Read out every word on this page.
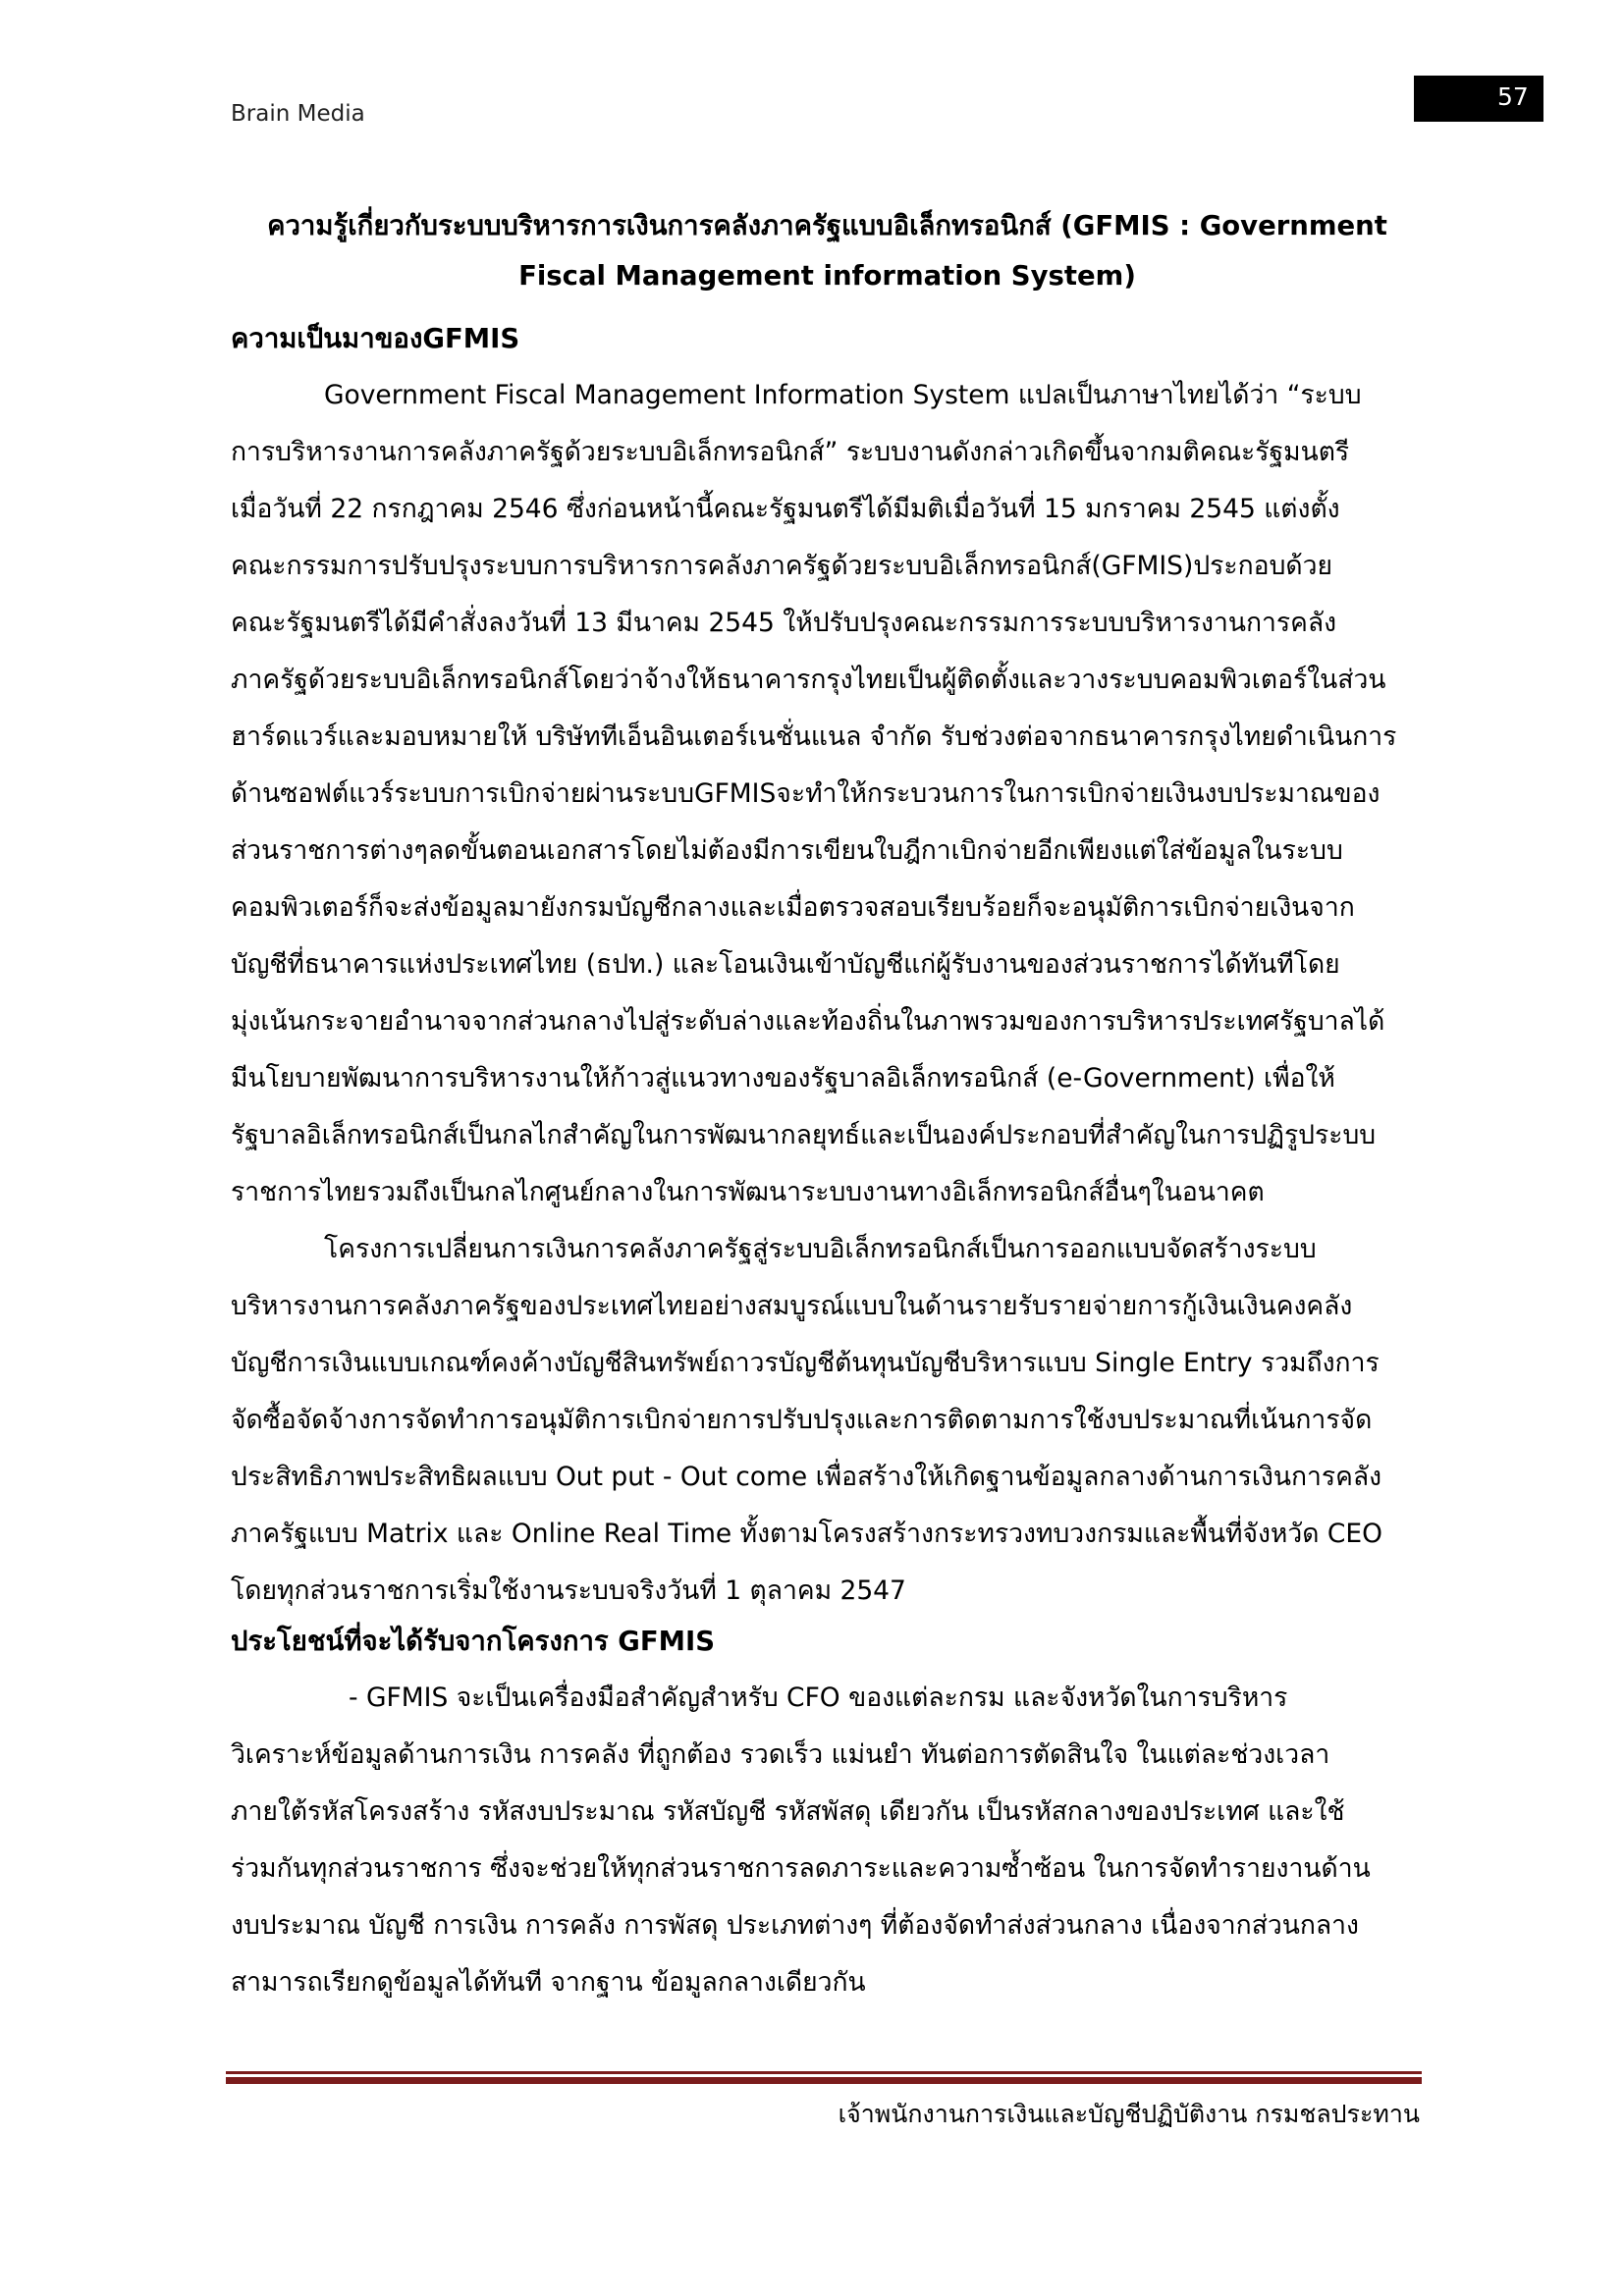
Brain Media
57
ความรู้เกี่ยวกับระบบบริหารการเงินการคลังภาครัฐแบบอิเล็กทรอนิกส์ (GFMIS : Government
Fiscal Management information System)
ความเป็นมาของGFMIS
Government Fiscal Management Information System แปลเป็นภาษาไทยได้ว่า “ระบบ
การบริหารงานการคลังภาครัฐด้วยระบบอิเล็กทรอนิกส์” ระบบงานดังกล่าวเกิดขึ้นจากมติคณะรัฐมนตรี
เมื่อวันที่ 22 กรกฎาคม 2546 ซึ่งก่อนหน้านี้คณะรัฐมนตรีได้มีมติเมื่อวันที่ 15 มกราคม 2545 แต่งตั้ง
คณะกรรมการปรับปรุงระบบการบริหารการคลังภาครัฐด้วยระบบอิเล็กทรอนิกส์(GFMIS)ประกอบด้วย
คณะรัฐมนตรีได้มีคำสั่งลงวันที่ 13 มีนาคม 2545 ให้ปรับปรุงคณะกรรมการระบบบริหารงานการคลัง
ภาครัฐด้วยระบบอิเล็กทรอนิกส์โดยว่าจ้างให้ธนาคารกรุงไทยเป็นผู้ติดตั้งและวางระบบคอมพิวเตอร์ในส่วน
ฮาร์ดแวร์และมอบหมายให้ บริษัททีเอ็นอินเตอร์เนชั่นแนล จำกัด รับช่วงต่อจากธนาคารกรุงไทยดำเนินการ
ด้านซอฟต์แวร์ระบบการเบิกจ่ายผ่านระบบGFMISจะทำให้กระบวนการในการเบิกจ่ายเงินงบประมาณของ
ส่วนราชการต่างๆลดขั้นตอนเอกสารโดยไม่ต้องมีการเขียนใบฎีกาเบิกจ่ายอีกเพียงแต่ใส่ข้อมูลในระบบ
คอมพิวเตอร์ก็จะส่งข้อมูลมายังกรมบัญชีกลางและเมื่อตรวจสอบเรียบร้อยก็จะอนุมัติการเบิกจ่ายเงินจาก
บัญชีที่ธนาคารแห่งประเทศไทย (ธปท.) และโอนเงินเข้าบัญชีแก่ผู้รับงานของส่วนราชการได้ทันทีโดย
มุ่งเน้นกระจายอำนาจจากส่วนกลางไปสู่ระดับล่างและท้องถิ่นในภาพรวมของการบริหารประเทศรัฐบาลได้
มีนโยบายพัฒนาการบริหารงานให้ก้าวสู่แนวทางของรัฐบาลอิเล็กทรอนิกส์ (e-Government) เพื่อให้
รัฐบาลอิเล็กทรอนิกส์เป็นกลไกสำคัญในการพัฒนากลยุทธ์และเป็นองค์ประกอบที่สำคัญในการปฏิรูประบบ
ราชการไทยรวมถึงเป็นกลไกศูนย์กลางในการพัฒนาระบบงานทางอิเล็กทรอนิกส์อื่นๆในอนาคต
โครงการเปลี่ยนการเงินการคลังภาครัฐสู่ระบบอิเล็กทรอนิกส์เป็นการออกแบบจัดสร้างระบบ
บริหารงานการคลังภาครัฐของประเทศไทยอย่างสมบูรณ์แบบในด้านรายรับรายจ่ายการกู้เงินเงินคงคลัง
บัญชีการเงินแบบเกณฑ์คงค้างบัญชีสินทรัพย์ถาวรบัญชีต้นทุนบัญชีบริหารแบบ Single Entry รวมถึงการ
จัดซื้อจัดจ้างการจัดทำการอนุมัติการเบิกจ่ายการปรับปรุงและการติดตามการใช้งบประมาณที่เน้นการจัด
ประสิทธิภาพประสิทธิผลแบบ Out put - Out come เพื่อสร้างให้เกิดฐานข้อมูลกลางด้านการเงินการคลัง
ภาครัฐแบบ Matrix และ Online Real Time ทั้งตามโครงสร้างกระทรวงทบวงกรมและพื้นที่จังหวัด CEO
โดยทุกส่วนราชการเริ่มใช้งานระบบจริงวันที่ 1 ตุลาคม 2547
ประโยชน์ที่จะได้รับจากโครงการ GFMIS
- GFMIS จะเป็นเครื่องมือสำคัญสำหรับ CFO ของแต่ละกรม และจังหวัดในการบริหาร
วิเคราะห์ข้อมูลด้านการเงิน การคลัง ที่ถูกต้อง รวดเร็ว แม่นยำ ทันต่อการตัดสินใจ ในแต่ละช่วงเวลา
ภายใต้รหัสโครงสร้าง รหัสงบประมาณ รหัสบัญชี รหัสพัสดุ เดียวกัน เป็นรหัสกลางของประเทศ และใช้
ร่วมกันทุกส่วนราชการ ซึ่งจะช่วยให้ทุกส่วนราชการลดภาระและความซ้ำซ้อน ในการจัดทำรายงานด้าน
งบประมาณ บัญชี การเงิน การคลัง การพัสดุ ประเภทต่างๆ ที่ต้องจัดทำส่งส่วนกลาง เนื่องจากส่วนกลาง
สามารถเรียกดูข้อมูลได้ทันที จากฐาน ข้อมูลกลางเดียวกัน
เจ้าพนักงานการเงินและบัญชีปฏิบัติงาน กรมชลประทาน
